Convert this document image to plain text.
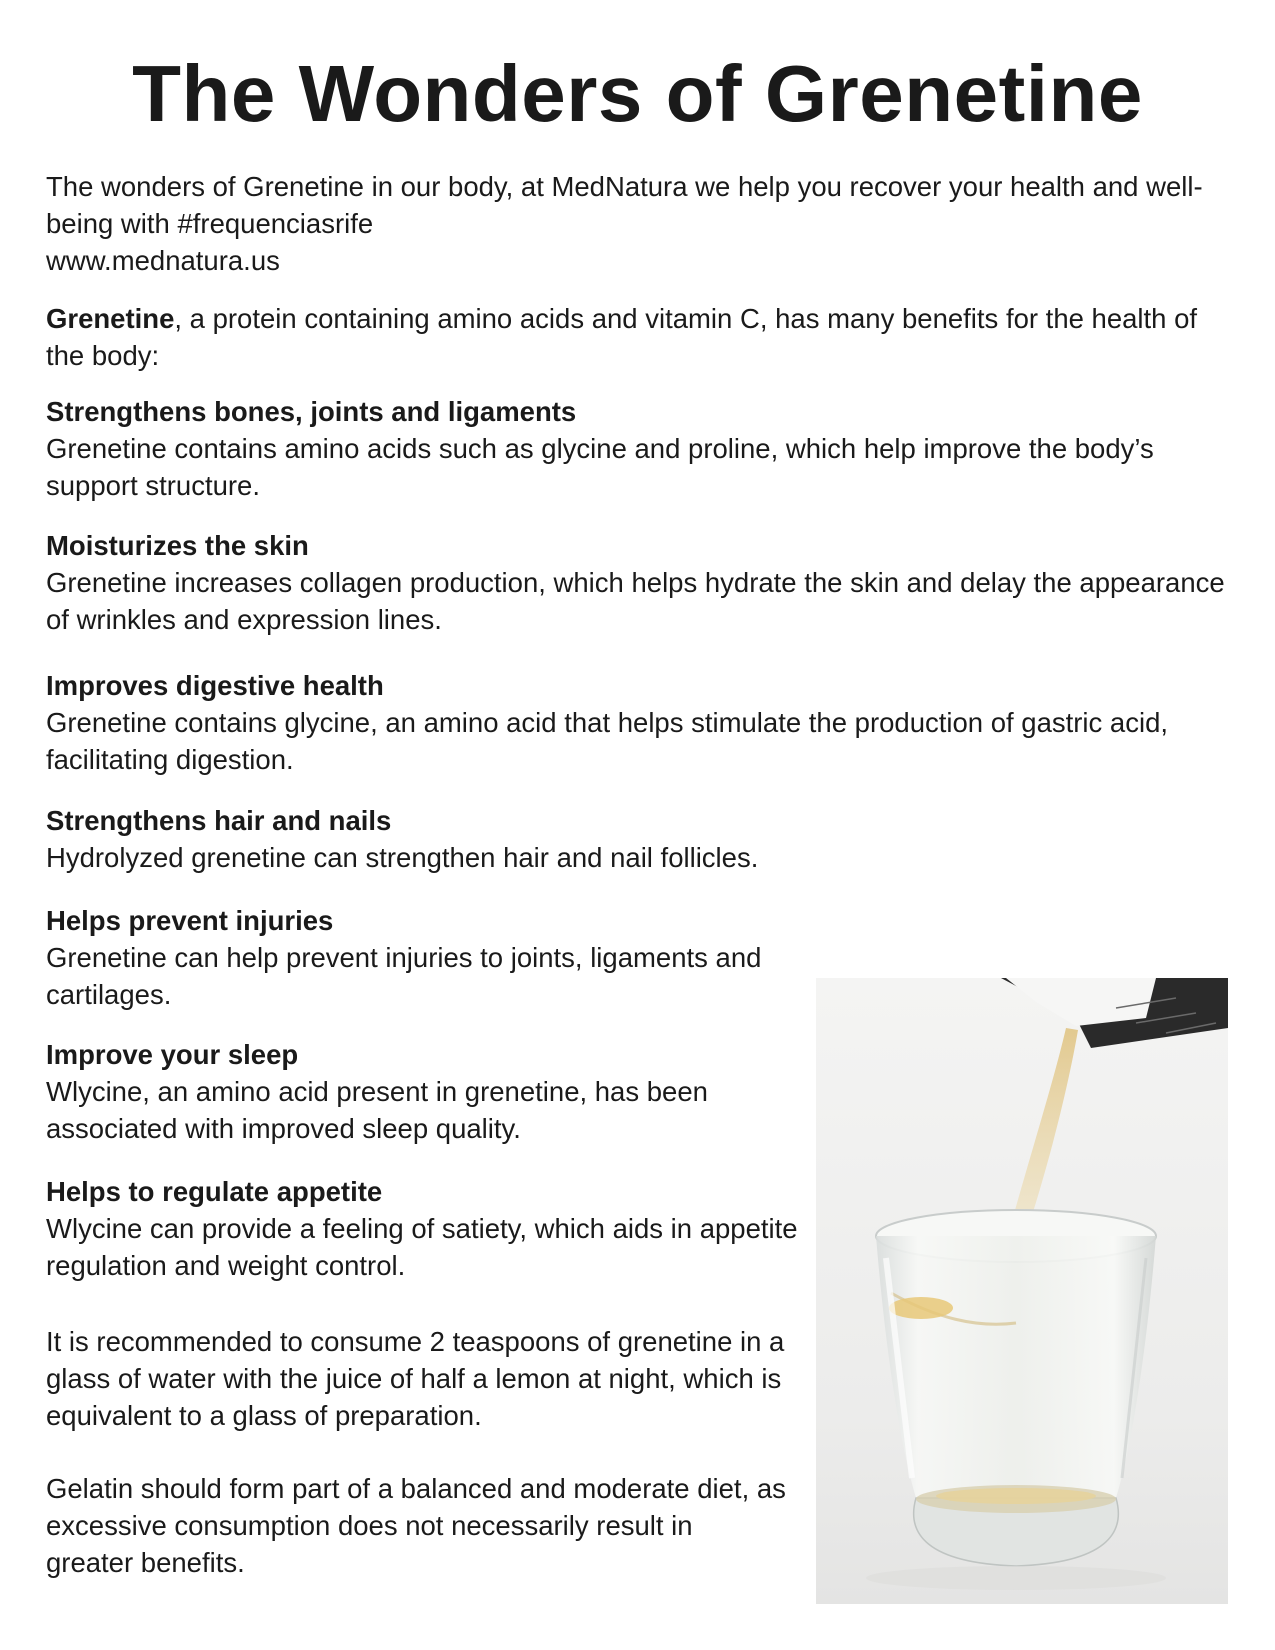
The Wonders of Grenetine

The wonders of Grenetine in our body, at MedNatura we help you recover your health and well-being with #frequenciasrife

www.mednatura.us

Grenetine, a protein containing amino acids and vitamin C, has many benefits for the health of the body:

Strengthens bones, joints and ligaments
Grenetine contains amino acids such as glycine and proline, which help improve the body’s support structure.
Moisturizes the skin
Grenetine increases collagen production, which helps hydrate the skin and delay the appearance of wrinkles and expression lines.
Improves digestive health
Grenetine contains glycine, an amino acid that helps stimulate the production of gastric acid, facilitating digestion.
Strengthens hair and nails
Hydrolyzed grenetine can strengthen hair and nail follicles.
Helps prevent injuries
Grenetine can help prevent injuries to joints, ligaments and cartilages.
Improve your sleep
Wlycine, an amino acid present in grenetine, has been associated with improved sleep quality.
Helps to regulate appetite
Wlycine can provide a feeling of satiety, which aids in appetite regulation and weight control.

It is recommended to consume 2 teaspoons of grenetine in a glass of water with the juice of half a lemon at night, which is equivalent to a glass of preparation.

Gelatin should form part of a balanced and moderate diet, as excessive consumption does not necessarily result in greater benefits.
